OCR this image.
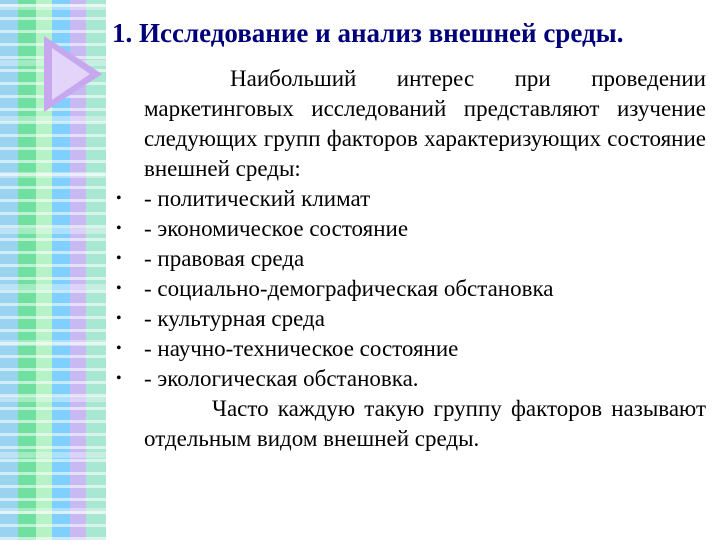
1. Исследование и анализ внешней среды.
Наибольший интерес при проведении маркетинговых исследований представляют изучение следующих групп факторов характеризующих состояние внешней среды:
• - политический климат
• - экономическое состояние
• - правовая среда
• - социально-демографическая обстановка
• - культурная среда
• - научно-техническое состояние
• - экологическая обстановка.
Часто каждую такую группу факторов называют отдельным видом внешней среды.
